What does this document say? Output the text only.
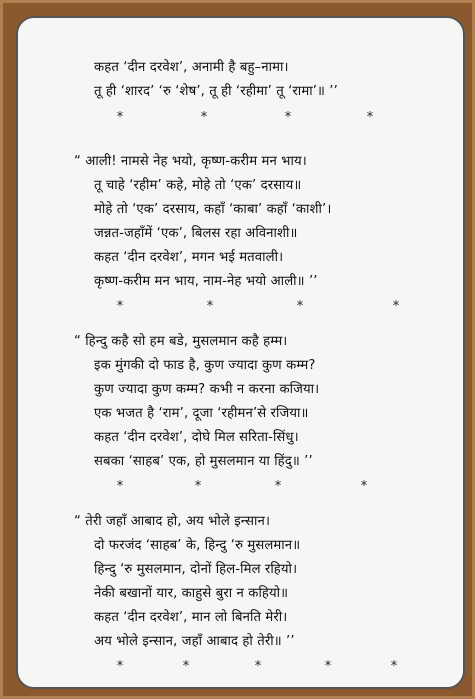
कहत ‘दीन दरवेश’, अनामी है बहु–नामा।
तू ही ‘शारद’ ‘रु ‘शेष’, तू ही ‘रहीमा’ तू ‘रामा’॥ ’’
*	*	*	*
“ आली! नामसे नेह भयो, कृष्ण-करीम मन भाय।
तू चाहे ‘रहीम’ कहे, मोहे तो ‘एक’ दरसाय॥
मोहे तो ‘एक’ दरसाय, कहाँ ‘काबा’ कहाँ ‘काशी’।
जन्नत-जहाँमें ‘एक’, बिलस रहा अविनाशी॥
कहत ‘दीन दरवेश’, मगन भई मतवाली।
कृष्ण-करीम मन भाय, नाम-नेह भयो आली॥ ’’
*	*	*	*
“ हिन्दु कहै सो हम बडे, मुसलमान कहै हम्म।
इक मुंगकी दो फाड है, कुण ज्यादा कुण कम्म?
कुण ज्यादा कुण कम्म? कभी न करना कजिया।
एक भजत है ‘राम’, दूजा ‘रहीमन’से रजिया॥
कहत ‘दीन दरवेश’, दोघे मिल सरिता-सिंधु।
सबका ‘साहब’ एक, हो मुसलमान या हिंदु॥ ’’
*	*	*	*
“ तेरी जहाँ आबाद हो, अय भोले इन्सान।
दो फरजंद ‘साहब’ के, हिन्दु ‘रु मुसलमान॥
हिन्दु ‘रु मुसलमान, दोनों हिल-मिल रहियो।
नेकी बखानों यार, काहुसे बुरा न कहियो॥
कहत ‘दीन दरवेश’, मान लो बिनति मेरी।
अय भोले इन्सान, जहाँ आबाद हो तेरी॥ ’’
*	*	*	*	*
